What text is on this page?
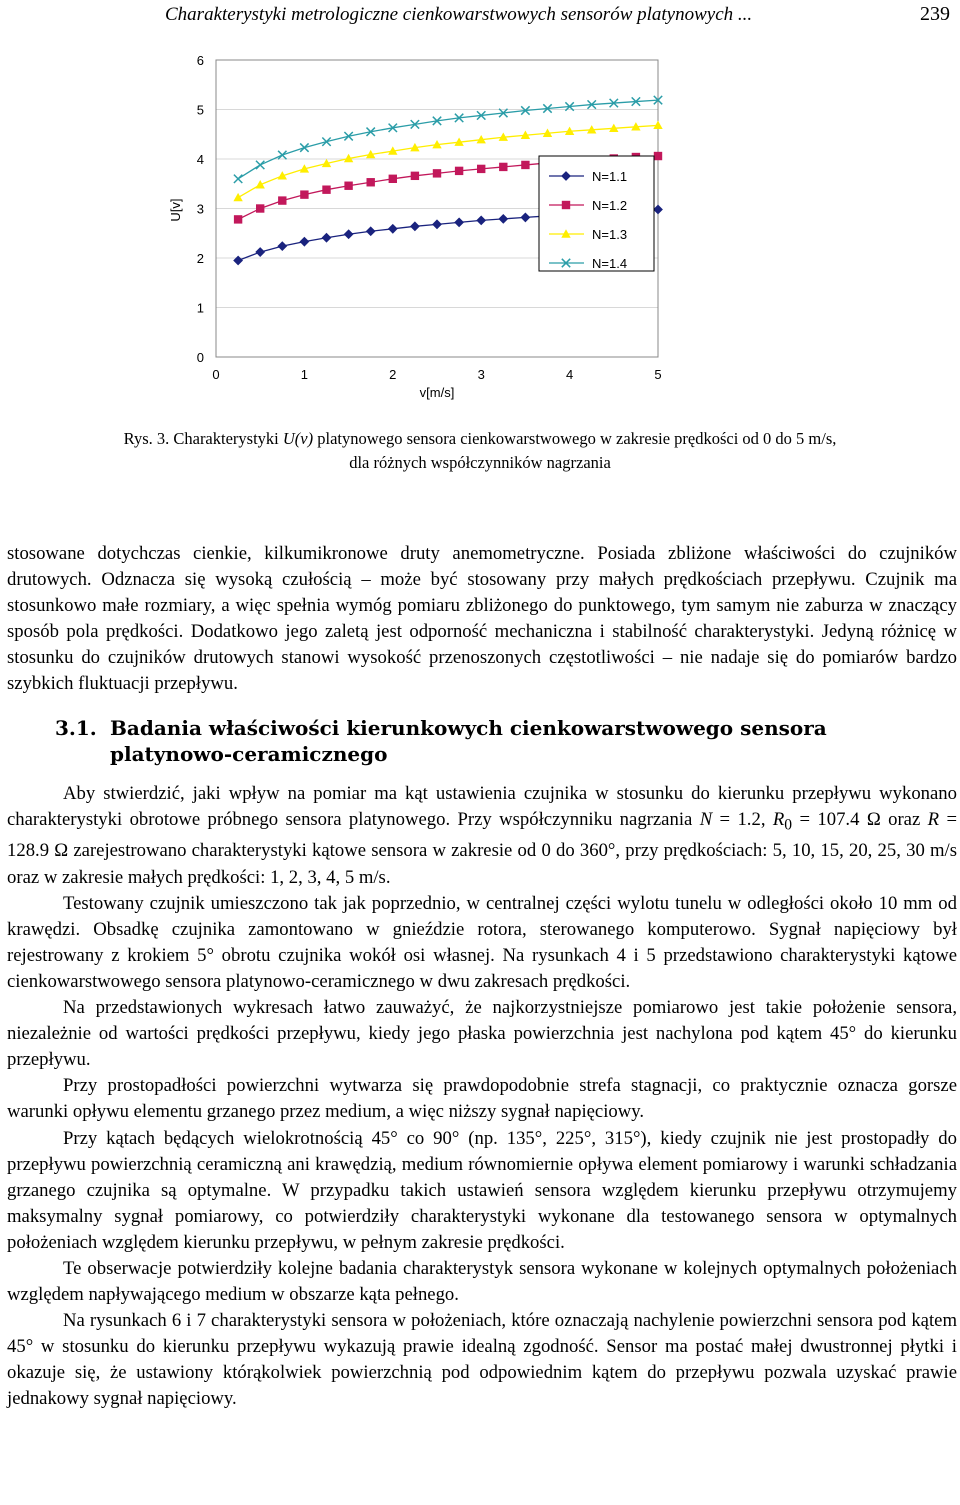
Charakterystyki metrologiczne cienkowarstwowych sensorów platynowych ...	239
0
1
2
3
4
5
6
0	1	2	3	4	5
U[v]
v[m/s]
N=1.1
N=1.2
N=1.3
N=1.4
Rys. 3. Charakterystyki U(v) platynowego sensora cienkowarstwowego w zakresie prędkości od 0 do 5 m/s,
dla różnych współczynników nagrzania

stosowane dotychczas cienkie, kilkumikronowe druty anemometryczne. Posiada zbliżone właściwości do czujników drutowych. Odznacza się wysoką czułością – może być stosowany przy małych prędkościach przepływu. Czujnik ma stosunkowo małe rozmiary, a więc spełnia wymóg pomiaru zbliżonego do punktowego, tym samym nie zaburza w znaczący sposób pola prędkości. Dodatkowo jego zaletą jest odporność mechaniczna i stabilność charakterystyki. Jedyną różnicę w stosunku do czujników drutowych stanowi wysokość przenoszonych częstotliwości – nie nadaje się do pomiarów bardzo szybkich fluktuacji przepływu.

3.1. Badania właściwości kierunkowych cienkowarstwowego sensora
platynowo-ceramicznego

Aby stwierdzić, jaki wpływ na pomiar ma kąt ustawienia czujnika w stosunku do kierunku przepływu wykonano charakterystyki obrotowe próbnego sensora platynowego. Przy współczynniku nagrzania N = 1.2, $R_0 = 107.4$ Ω oraz R = 128.9 Ω zarejestrowano charakterystyki kątowe sensora w zakresie od 0 do 360°, przy prędkościach: 5, 10, 15, 20, 25, 30 m/s oraz w zakresie małych prędkości: 1, 2, 3, 4, 5 m/s.

Testowany czujnik umieszczono tak jak poprzednio, w centralnej części wylotu tunelu w odległości około 10 mm od krawędzi. Obsadkę czujnika zamontowano w gnieździe rotora, sterowanego komputerowo. Sygnał napięciowy był rejestrowany z krokiem 5° obrotu czujnika wokół osi własnej. Na rysunkach 4 i 5 przedstawiono charakterystyki kątowe cienkowarstwowego sensora platynowo-ceramicznego w dwu zakresach prędkości.

Na przedstawionych wykresach łatwo zauważyć, że najkorzystniejsze pomiarowo jest takie położenie sensora, niezależnie od wartości prędkości przepływu, kiedy jego płaska powierzchnia jest nachylona pod kątem 45° do kierunku przepływu.

Przy prostopadłości powierzchni wytwarza się prawdopodobnie strefa stagnacji, co praktycznie oznacza gorsze warunki opływu elementu grzanego przez medium, a więc niższy sygnał napięciowy.

Przy kątach będących wielokrotnością 45° co 90° (np. 135°, 225°, 315°), kiedy czujnik nie jest prostopadły do przepływu powierzchnią ceramiczną ani krawędzią, medium równomiernie opływa element pomiarowy i warunki schładzania grzanego czujnika są optymalne. W przypadku takich ustawień sensora względem kierunku przepływu otrzymujemy maksymalny sygnał pomiarowy, co potwierdziły charakterystyki wykonane dla testowanego sensora w optymalnych położeniach względem kierunku przepływu, w pełnym zakresie prędkości.

Te obserwacje potwierdziły kolejne badania charakterystyk sensora wykonane w kolejnych optymalnych położeniach względem napływającego medium w obszarze kąta pełnego.

Na rysunkach 6 i 7 charakterystyki sensora w położeniach, które oznaczają nachylenie powierzchni sensora pod kątem 45° w stosunku do kierunku przepływu wykazują prawie idealną zgodność. Sensor ma postać małej dwustronnej płytki i okazuje się, że ustawiony którąkolwiek powierzchnią pod odpowiednim kątem do przepływu pozwala uzyskać prawie jednakowy sygnał napięciowy.
